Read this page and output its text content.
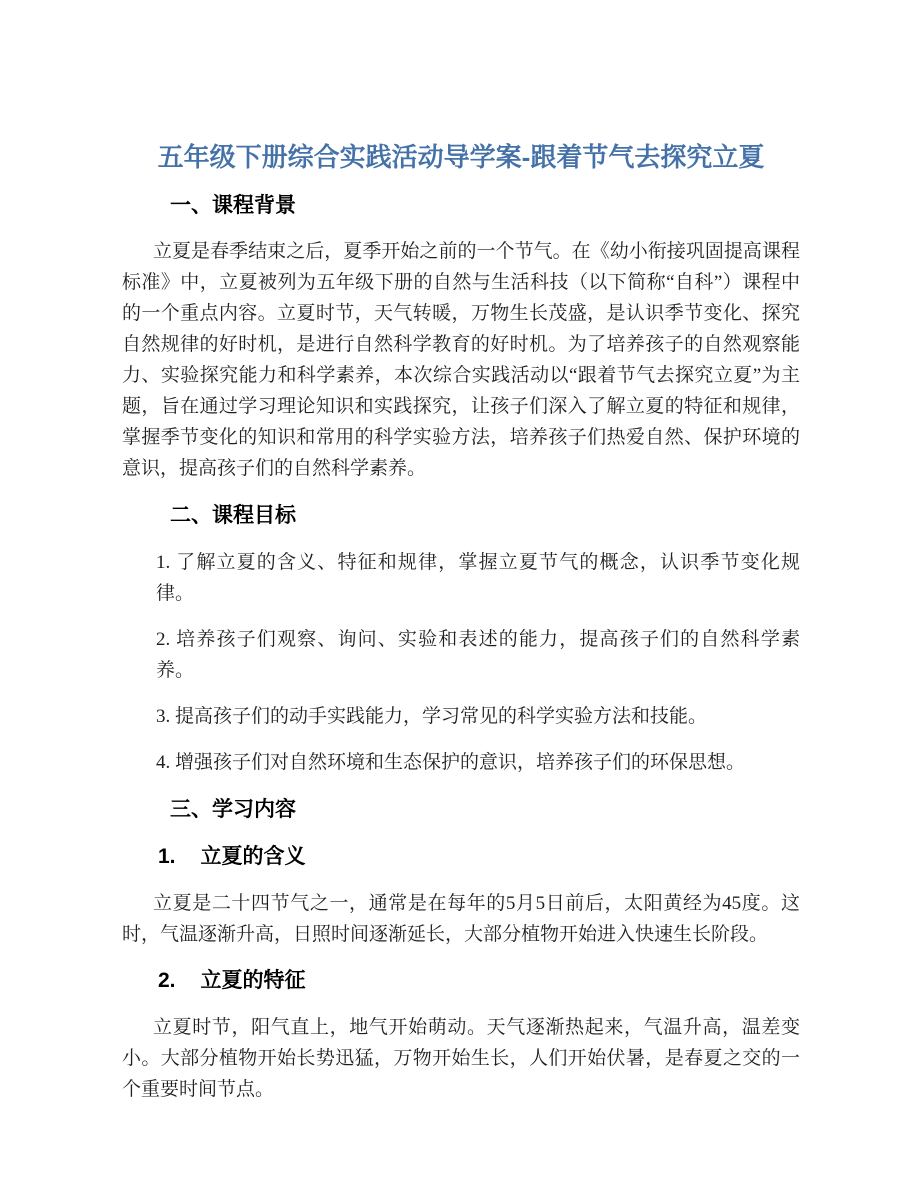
五年级下册综合实践活动导学案-跟着节气去探究立夏
一、课程背景

立夏是春季结束之后，夏季开始之前的一个节气。在《幼小衔接巩固提高课程标准》中，立夏被列为五年级下册的自然与生活科技（以下简称“自科”）课程中的一个重点内容。立夏时节，天气转暖，万物生长茂盛，是认识季节变化、探究自然规律的好时机，是进行自然科学教育的好时机。为了培养孩子的自然观察能力、实验探究能力和科学素养，本次综合实践活动以“跟着节气去探究立夏”为主题，旨在通过学习理论知识和实践探究，让孩子们深入了解立夏的特征和规律，掌握季节变化的知识和常用的科学实验方法，培养孩子们热爱自然、保护环境的意识，提高孩子们的自然科学素养。

二、课程目标

1. 了解立夏的含义、特征和规律，掌握立夏节气的概念，认识季节变化规律。

2. 培养孩子们观察、询问、实验和表述的能力，提高孩子们的自然科学素养。

3. 提高孩子们的动手实践能力，学习常见的科学实验方法和技能。

4. 增强孩子们对自然环境和生态保护的意识，培养孩子们的环保思想。

三、学习内容
1. 立夏的含义

立夏是二十四节气之一，通常是在每年的5月5日前后，太阳黄经为45度。这时，气温逐渐升高，日照时间逐渐延长，大部分植物开始进入快速生长阶段。

2. 立夏的特征

立夏时节，阳气直上，地气开始萌动。天气逐渐热起来，气温升高，温差变小。大部分植物开始长势迅猛，万物开始生长，人们开始伏暑，是春夏之交的一个重要时间节点。
